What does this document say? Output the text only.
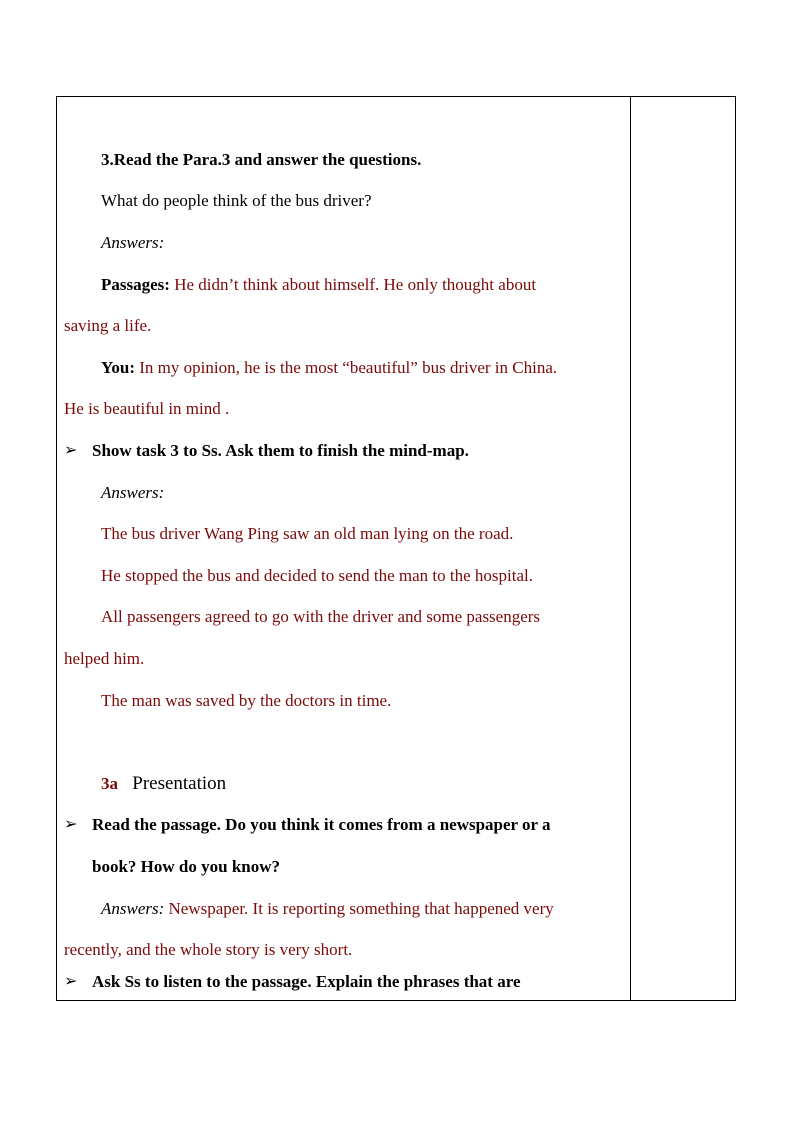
3.Read the Para.3 and answer the questions.
What do people think of the bus driver?
Answers:
Passages: He didn’t think about himself. He only thought about
saving a life.
You: In my opinion, he is the most “beautiful” bus driver in China.
He is beautiful in mind .
➢ Show task 3 to Ss. Ask them to finish the mind-map.
Answers:
The bus driver Wang Ping saw an old man lying on the road.
He stopped the bus and decided to send the man to the hospital.
All passengers agreed to go with the driver and some passengers
helped him.
The man was saved by the doctors in time.
3a Presentation
➢ Read the passage. Do you think it comes from a newspaper or a
book? How do you know?
Answers: Newspaper. It is reporting something that happened very
recently, and the whole story is very short.
➢ Ask Ss to listen to the passage. Explain the phrases that are
